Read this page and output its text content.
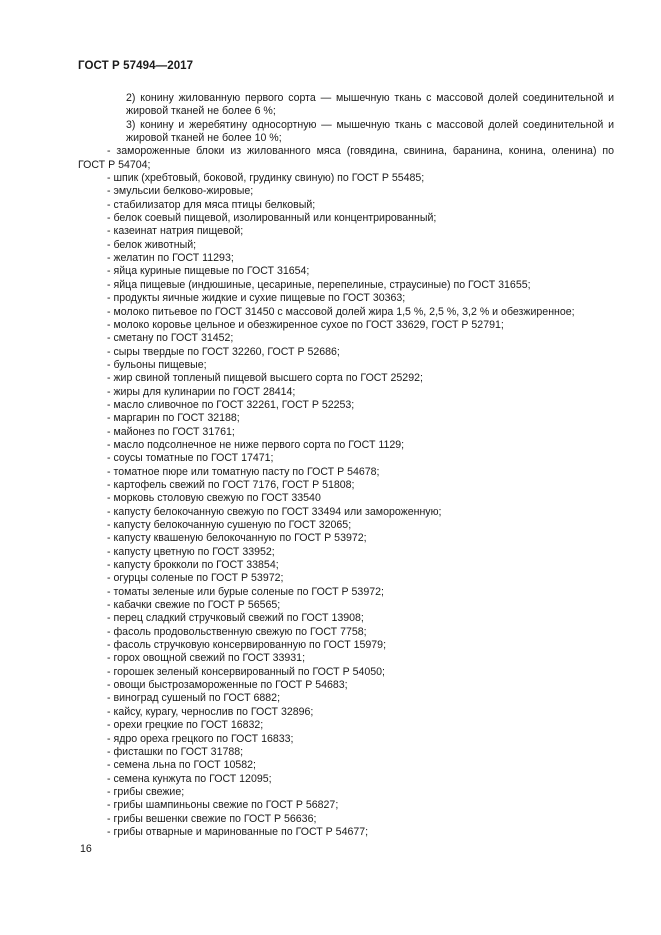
ГОСТ Р 57494—2017
2) конину жилованную первого сорта — мышечную ткань с массовой долей соединительной и
жировой тканей не более 6 %;
3) конину и жеребятину односортную — мышечную ткань с массовой долей соединительной и
жировой тканей не более 10 %;
- замороженные блоки из жилованного мяса (говядина, свинина, баранина, конина, оленина) по
ГОСТ Р 54704;
- шпик (хребтовый, боковой, грудинку свиную) по ГОСТ Р 55485;
- эмульсии белково-жировые;
- стабилизатор для мяса птицы белковый;
- белок соевый пищевой, изолированный или концентрированный;
- казеинат натрия пищевой;
- белок животный;
- желатин по ГОСТ 11293;
- яйца куриные пищевые по ГОСТ 31654;
- яйца пищевые (индюшиные, цесариные, перепелиные, страусиные) по ГОСТ 31655;
- продукты яичные жидкие и сухие пищевые по ГОСТ 30363;
- молоко питьевое по ГОСТ 31450 с массовой долей жира 1,5 %, 2,5 %, 3,2 % и обезжиренное;
- молоко коровье цельное и обезжиренное сухое по ГОСТ 33629, ГОСТ Р 52791;
- сметану по ГОСТ 31452;
- сыры твердые по ГОСТ 32260, ГОСТ Р 52686;
- бульоны пищевые;
- жир свиной топленый пищевой высшего сорта по ГОСТ 25292;
- жиры для кулинарии по ГОСТ 28414;
- масло сливочное по ГОСТ 32261, ГОСТ Р 52253;
- маргарин по ГОСТ 32188;
- майонез по ГОСТ 31761;
- масло подсолнечное не ниже первого сорта по ГОСТ 1129;
- соусы томатные по ГОСТ 17471;
- томатное пюре или томатную пасту по ГОСТ Р 54678;
- картофель свежий по ГОСТ 7176, ГОСТ Р 51808;
- морковь столовую свежую по ГОСТ 33540
- капусту белокочанную свежую по ГОСТ 33494 или замороженную;
- капусту белокочанную сушеную по ГОСТ 32065;
- капусту квашеную белокочанную по ГОСТ Р 53972;
- капусту цветную по ГОСТ 33952;
- капусту брокколи по ГОСТ 33854;
- огурцы соленые по ГОСТ Р 53972;
- томаты зеленые или бурые соленые по ГОСТ Р 53972;
- кабачки свежие по ГОСТ Р 56565;
- перец сладкий стручковый свежий по ГОСТ 13908;
- фасоль продовольственную свежую по ГОСТ 7758;
- фасоль стручковую консервированную по ГОСТ 15979;
- горох овощной свежий по ГОСТ 33931;
- горошек зеленый консервированный по ГОСТ Р 54050;
- овощи быстрозамороженные по ГОСТ Р 54683;
- виноград сушеный по ГОСТ 6882;
- кайсу, курагу, чернослив по ГОСТ 32896;
- орехи грецкие по ГОСТ 16832;
- ядро ореха грецкого по ГОСТ 16833;
- фисташки по ГОСТ 31788;
- семена льна по ГОСТ 10582;
- семена кунжута по ГОСТ 12095;
- грибы свежие;
- грибы шампиньоны свежие по ГОСТ Р 56827;
- грибы вешенки свежие по ГОСТ Р 56636;
- грибы отварные и маринованные по ГОСТ Р 54677;
16
